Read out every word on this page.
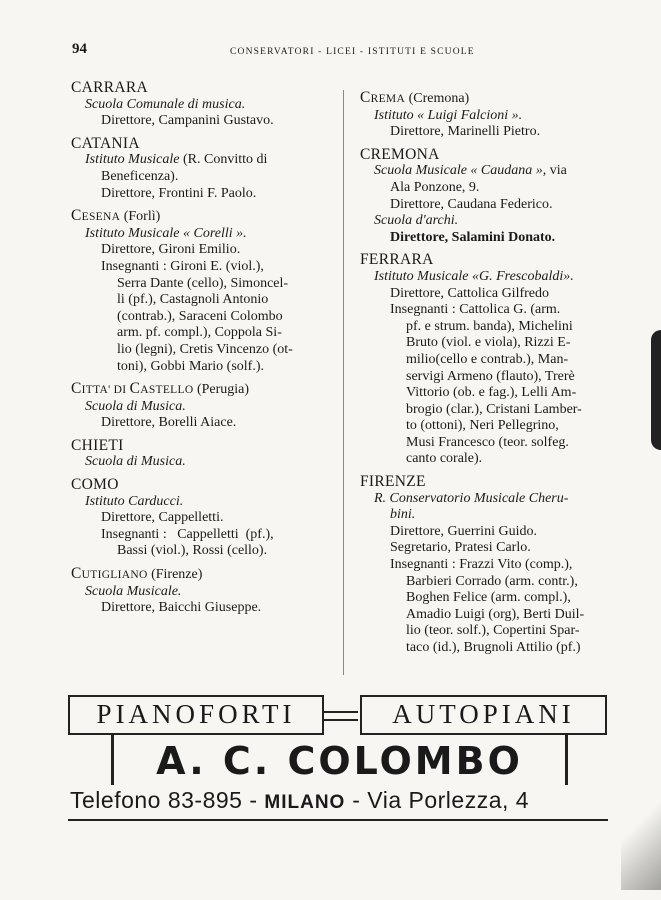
94	CONSERVATORI - LICEI - ISTITUTI E SCUOLE
CARRARA
Scuola Comunale di musica.
Direttore, Campanini Gustavo.
CATANIA
Istituto Musicale (R. Convitto di
Beneficenza).
Direttore, Frontini F. Paolo.
CESENA (Forlì)
Istituto Musicale « Corelli ».
Direttore, Gironi Emilio.
Insegnanti : Gironi E. (viol.),
Serra Dante (cello), Simoncel-
li (pf.), Castagnoli Antonio
(contrab.), Saraceni Colombo
arm. pf. compl.), Coppola Si-
lio (legni), Cretis Vincenzo (ot-
toni), Gobbi Mario (solf.).
CITTA' DI CASTELLO (Perugia)
Scuola di Musica.
Direttore, Borelli Aiace.
CHIETI
Scuola di Musica.
COMO
Istituto Carducci.
Direttore, Cappelletti.
Insegnanti :   Cappelletti  (pf.),
Bassi (viol.), Rossi (cello).
CUTIGLIANO (Firenze)
Scuola Musicale.
Direttore, Baicchi Giuseppe.
CREMA (Cremona)
Istituto « Luigi Falcioni ».
Direttore, Marinelli Pietro.
CREMONA
Scuola Musicale « Caudana », via
Ala Ponzone, 9.
Direttore, Caudana Federico.
Scuola d'archi.
Direttore, Salamini Donato.
FERRARA
Istituto Musicale «G. Frescobaldi».
Direttore, Cattolica Gilfredo
Insegnanti : Cattolica G. (arm.
pf. e strum. banda), Michelini
Bruto (viol. e viola), Rizzi E-
milio(cello e contrab.), Man-
servigi Armeno (flauto), Trerè
Vittorio (ob. e fag.), Lelli Am-
brogio (clar.), Cristani Lamber-
to (ottoni), Neri Pellegrino,
Musi Francesco (teor. solfeg.
canto corale).
FIRENZE
R. Conservatorio Musicale Cheru-
bini.
Direttore, Guerrini Guido.
Segretario, Pratesi Carlo.
Insegnanti : Frazzi Vito (comp.),
Barbieri Corrado (arm. contr.),
Boghen Felice (arm. compl.),
Amadio Luigi (org), Berti Duil-
lio (teor. solf.), Copertini Spar-
taco (id.), Brugnoli Attilio (pf.)
PIANOFORTI	AUTOPIANI
A. C. COLOMBO
Telefono 83-895 - MILANO - Via Porlezza, 4
